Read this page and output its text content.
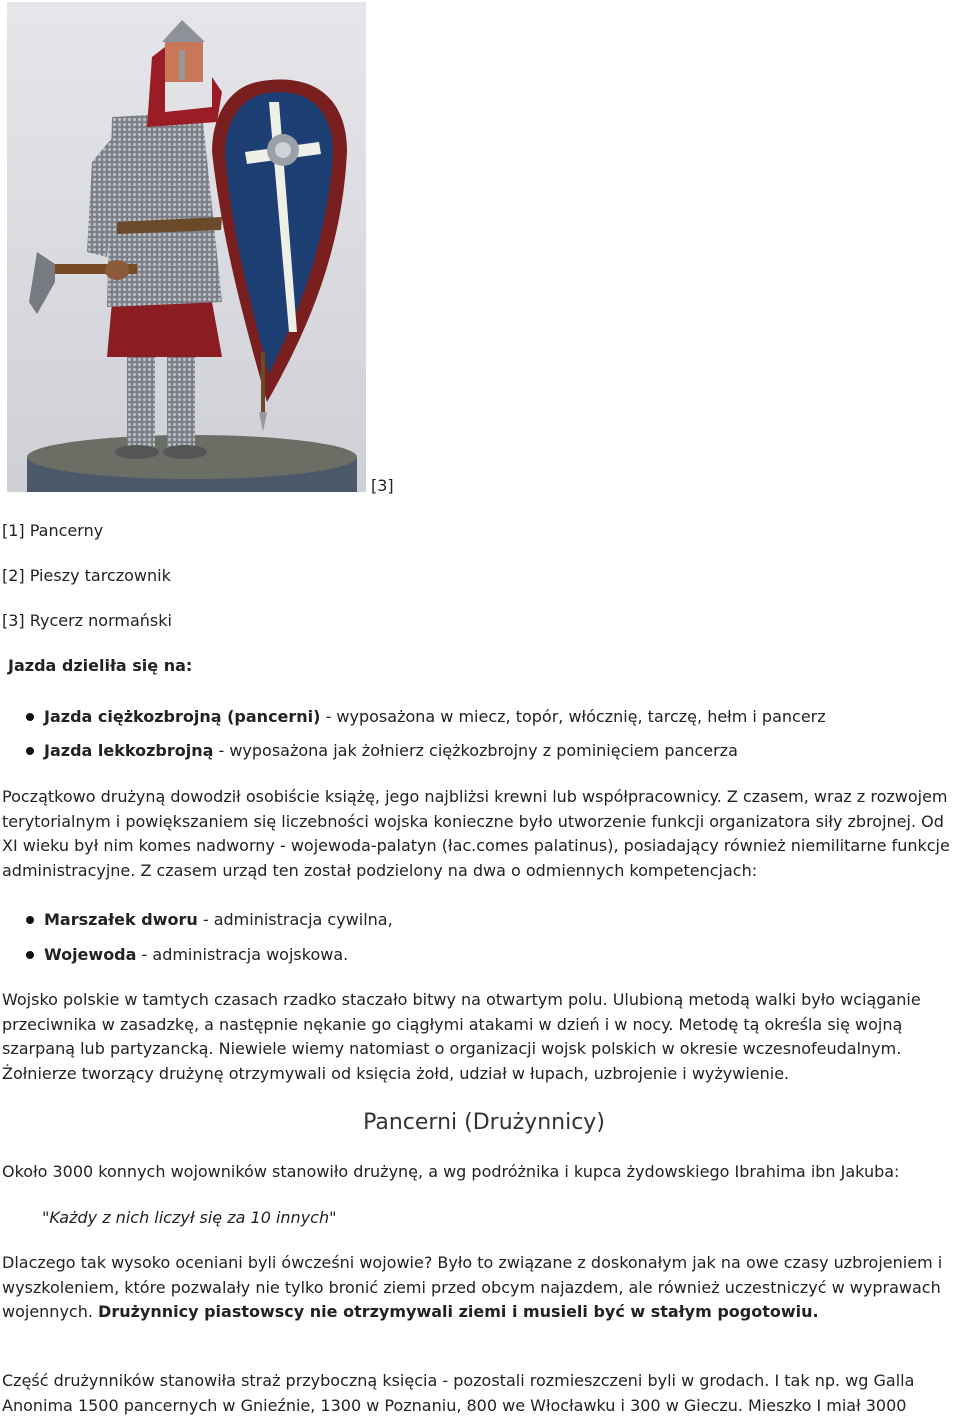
[3]
[1] Pancerny
[2] Pieszy tarczownik
[3] Rycerz normański
Jazda dzieliła się na:
Jazda ciężkozbrojną (pancerni) - wyposażona w miecz, topór, włócznię, tarczę, hełm i pancerz
Jazda lekkozbrojną - wyposażona jak żołnierz ciężkozbrojny z pominięciem pancerza

Początkowo drużyną dowodził osobiście książę, jego najbliżsi krewni lub współpracownicy. Z czasem, wraz z rozwojem terytorialnym i powiększaniem się liczebności wojska konieczne było utworzenie funkcji organizatora siły zbrojnej. Od XI wieku był nim komes nadworny - wojewoda-palatyn (łac.comes palatinus), posiadający również niemilitarne funkcje administracyjne. Z czasem urząd ten został podzielony na dwa o odmiennych kompetencjach:

Marszałek dworu - administracja cywilna,
Wojewoda - administracja wojskowa.

Wojsko polskie w tamtych czasach rzadko staczało bitwy na otwartym polu. Ulubioną metodą walki było wciąganie przeciwnika w zasadzkę, a następnie nękanie go ciągłymi atakami w dzień i w nocy. Metodę tą określa się wojną szarpaną lub partyzancką. Niewiele wiemy natomiast o organizacji wojsk polskich w okresie wczesnofeudalnym. Żołnierze tworzący drużynę otrzymywali od księcia żołd, udział w łupach, uzbrojenie i wyżywienie.

Pancerni (Drużynnicy)

Około 3000 konnych wojowników stanowiło drużynę, a wg podróżnika i kupca żydowskiego Ibrahima ibn Jakuba:

"Każdy z nich liczył się za 10 innych"

Dlaczego tak wysoko oceniani byli ówcześni wojowie? Było to związane z doskonałym jak na owe czasy uzbrojeniem i wyszkoleniem, które pozwalały nie tylko bronić ziemi przed obcym najazdem, ale również uczestniczyć w wyprawach wojennych. Drużynnicy piastowscy nie otrzymywali ziemi i musieli być w stałym pogotowiu.

Część drużynników stanowiła straż przyboczną księcia - pozostali rozmieszczeni byli w grodach. I tak np. wg Galla Anonima 1500 pancernych w Gnieźnie, 1300 w Poznaniu, 800 we Włocławku i 300 w Gieczu. Mieszko I miał 3000
